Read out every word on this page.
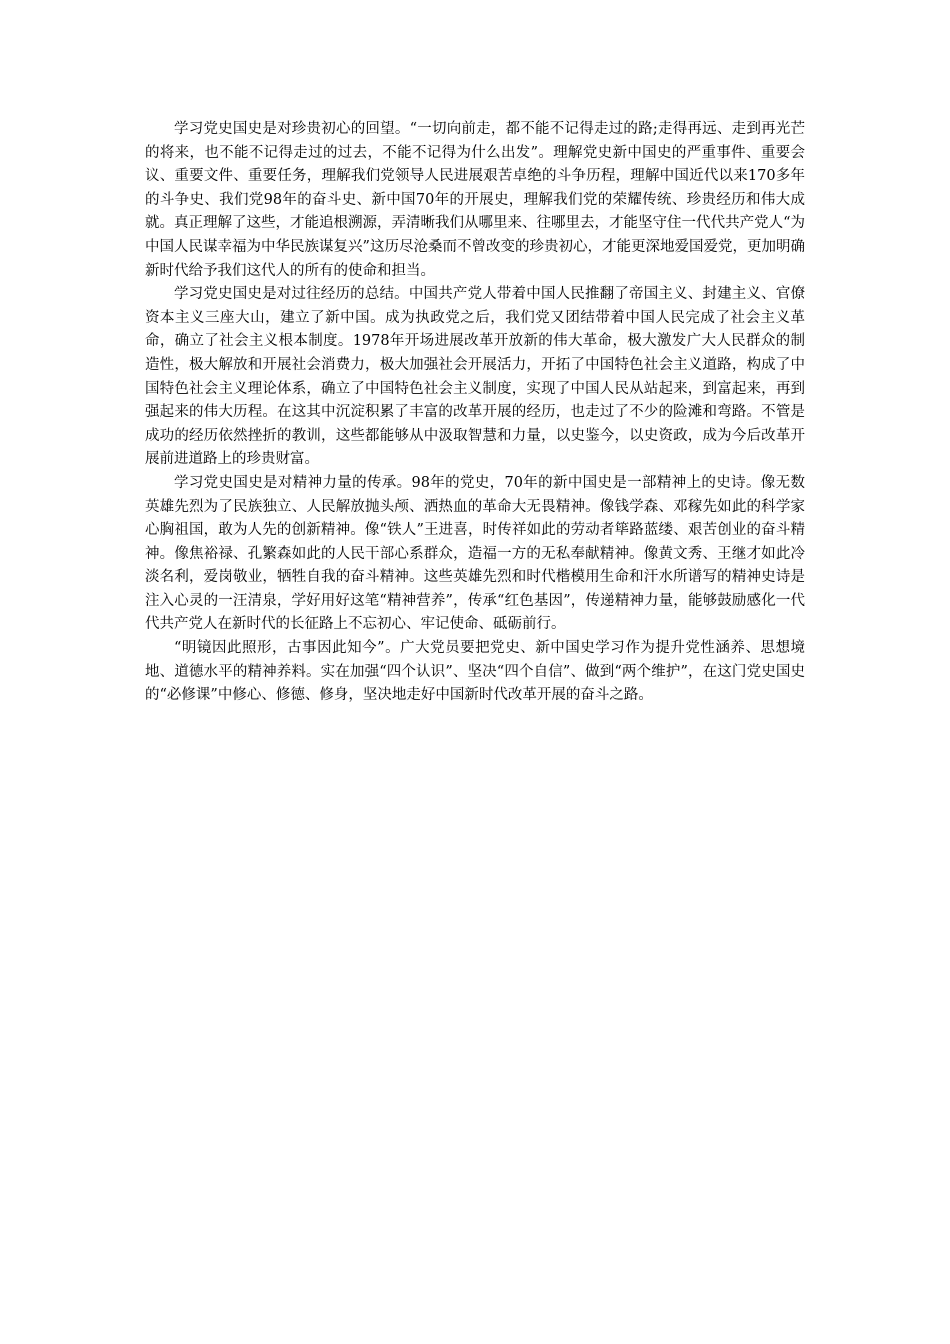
学习党史国史是对珍贵初心的回望。“一切向前走，都不能不记得走过的路;走得再远、走到再光芒的将来，也不能不记得走过的过去，不能不记得为什么出发”。理解党史新中国史的严重事件、重要会议、重要文件、重要任务，理解我们党领导人民进展艰苦卓绝的斗争历程，理解中国近代以来170多年的斗争史、我们党98年的奋斗史、新中国70年的开展史，理解我们党的荣耀传统、珍贵经历和伟大成就。真正理解了这些，才能追根溯源，弄清晰我们从哪里来、往哪里去，才能坚守住一代代共产党人“为中国人民谋幸福为中华民族谋复兴”这历尽沧桑而不曾改变的珍贵初心，才能更深地爱国爱党，更加明确新时代给予我们这代人的所有的使命和担当。

学习党史国史是对过往经历的总结。中国共产党人带着中国人民推翻了帝国主义、封建主义、官僚资本主义三座大山，建立了新中国。成为执政党之后，我们党又团结带着中国人民完成了社会主义革命，确立了社会主义根本制度。1978年开场进展改革开放新的伟大革命，极大激发广大人民群众的制造性，极大解放和开展社会消费力，极大加强社会开展活力，开拓了中国特色社会主义道路，构成了中国特色社会主义理论体系，确立了中国特色社会主义制度，实现了中国人民从站起来，到富起来，再到强起来的伟大历程。在这其中沉淀积累了丰富的改革开展的经历，也走过了不少的险滩和弯路。不管是成功的经历依然挫折的教训，这些都能够从中汲取智慧和力量，以史鉴今，以史资政，成为今后改革开展前进道路上的珍贵财富。

学习党史国史是对精神力量的传承。98年的党史，70年的新中国史是一部精神上的史诗。像无数英雄先烈为了民族独立、人民解放抛头颅、洒热血的革命大无畏精神。像钱学森、邓稼先如此的科学家心胸祖国，敢为人先的创新精神。像“铁人”王进喜，时传祥如此的劳动者筚路蓝缕、艰苦创业的奋斗精神。像焦裕禄、孔繁森如此的人民干部心系群众，造福一方的无私奉献精神。像黄文秀、王继才如此冷淡名利，爱岗敬业，牺牲自我的奋斗精神。这些英雄先烈和时代楷模用生命和汗水所谱写的精神史诗是注入心灵的一汪清泉，学好用好这笔“精神营养”，传承“红色基因”，传递精神力量，能够鼓励感化一代代共产党人在新时代的长征路上不忘初心、牢记使命、砥砺前行。

“明镜因此照形，古事因此知今”。广大党员要把党史、新中国史学习作为提升党性涵养、思想境地、道德水平的精神养料。实在加强“四个认识”、坚决“四个自信”、做到“两个维护”，在这门党史国史的“必修课”中修心、修德、修身，坚决地走好中国新时代改革开展的奋斗之路。
